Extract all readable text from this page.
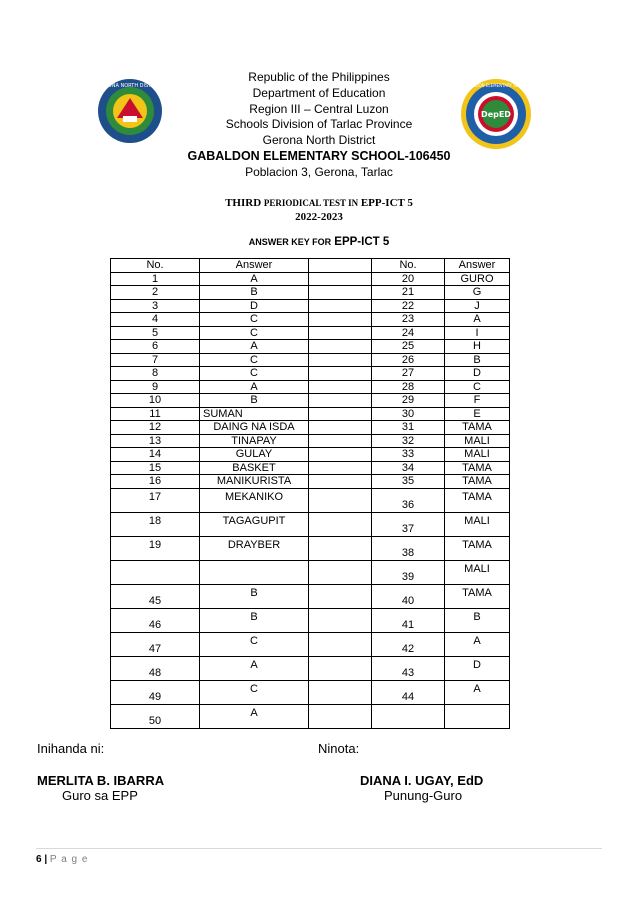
GERONA NORTH DISTRICT
DepED
GABALDON ELEMENTARY SCHOOL
Republic of the Philippines
Department of Education
Region III – Central Luzon
Schools Division of Tarlac Province
Gerona North District
GABALDON ELEMENTARY SCHOOL-106450
Poblacion 3, Gerona, Tarlac
THIRD PERIODICAL TEST IN EPP-ICT 5
2022-2023
ANSWER KEY FOR EPP-ICT 5
No.	Answer		No.	Answer
1	A		20	GURO
2	B		21	G
3	D		22	J
4	C		23	A
5	C		24	I
6	A		25	H
7	C		26	B
8	C		27	D
9	A		28	C
10	B		29	F
11	SUMAN		30	E
12	DAING NA ISDA		31	TAMA
13	TINAPAY		32	MALI
14	GULAY		33	MALI
15	BASKET		34	TAMA
16	MANIKURISTA		35	TAMA
17	MEKANIKO		36	TAMA
18	TAGAGUPIT		37	MALI
19	DRAYBER		38	TAMA
			39	MALI
45	B		40	TAMA
46	B		41	B
47	C		42	A
48	A		43	D
49	C		44	A
50	A			
Inihanda ni:	Ninota:
MERLITA B. IBARRA
Guro sa EPP
DIANA I. UGAY, EdD
Punung-Guro
6 | P a g e
